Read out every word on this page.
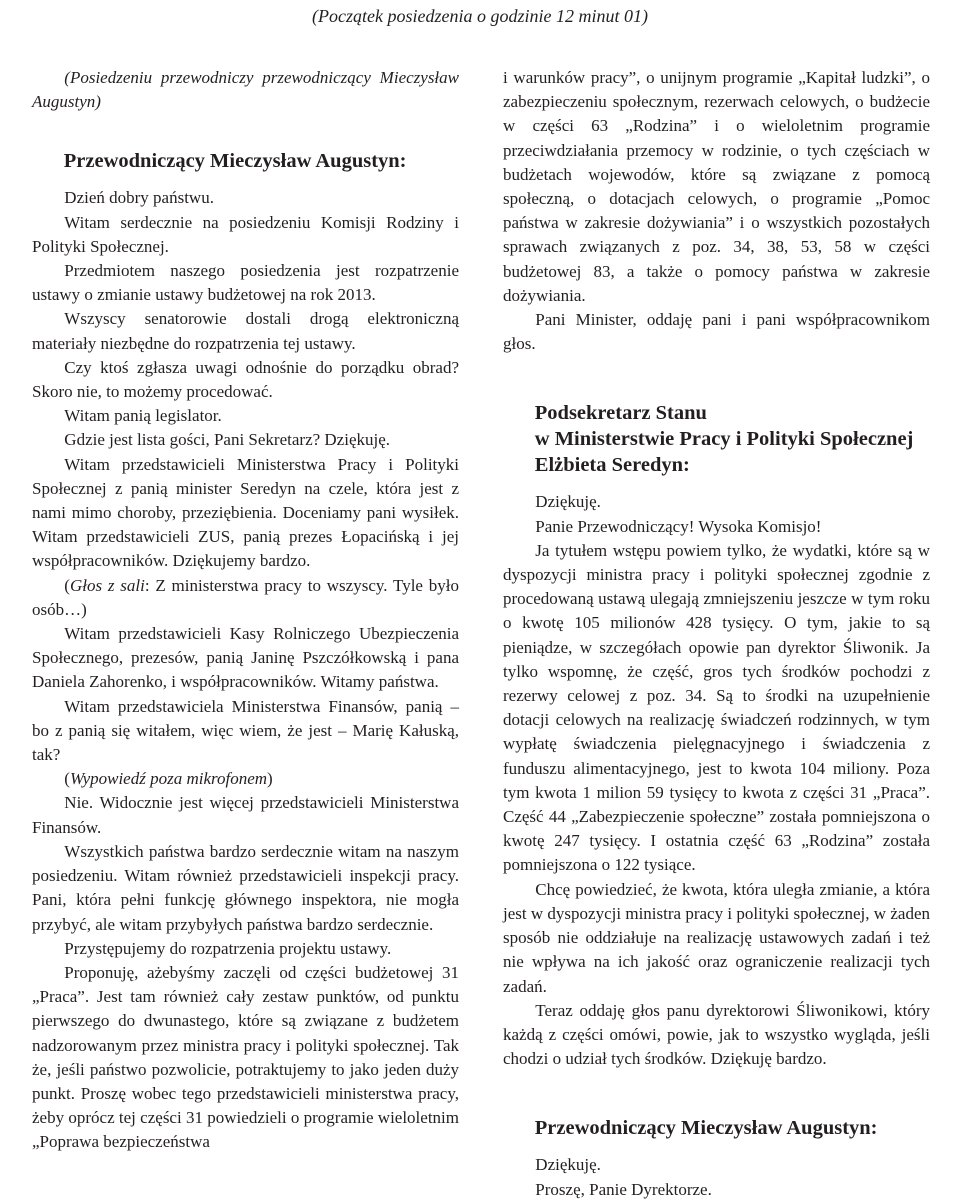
(Początek posiedzenia o godzinie 12 minut 01)

(Posiedzeniu przewodniczy przewodniczący Mieczysław Augustyn)

Przewodniczący Mieczysław Augustyn:

Dzień dobry państwu.

Witam serdecznie na posiedzeniu Komisji Rodziny i Polityki Społecznej.

Przedmiotem naszego posiedzenia jest rozpatrzenie ustawy o zmianie ustawy budżetowej na rok 2013.

Wszyscy senatorowie dostali drogą elektroniczną materiały niezbędne do rozpatrzenia tej ustawy.

Czy ktoś zgłasza uwagi odnośnie do porządku obrad? Skoro nie, to możemy procedować.

Witam panią legislator.

Gdzie jest lista gości, Pani Sekretarz? Dziękuję.

Witam przedstawicieli Ministerstwa Pracy i Polityki Społecznej z panią minister Seredyn na czele, która jest z nami mimo choroby, przeziębienia. Doceniamy pani wysiłek. Witam przedstawicieli ZUS, panią prezes Łopacińską i jej współpracowników. Dziękujemy bardzo.

(Głos z sali: Z ministerstwa pracy to wszyscy. Tyle było osób…)

Witam przedstawicieli Kasy Rolniczego Ubezpieczenia Społecznego, prezesów, panią Janinę Pszczółkowską i pana Daniela Zahorenko, i współpracowników. Witamy państwa.

Witam przedstawiciela Ministerstwa Finansów, panią – bo z panią się witałem, więc wiem, że jest – Marię Kałuską, tak?

(Wypowiedź poza mikrofonem)

Nie. Widocznie jest więcej przedstawicieli Ministerstwa Finansów.

Wszystkich państwa bardzo serdecznie witam na naszym posiedzeniu. Witam również przedstawicieli inspekcji pracy. Pani, która pełni funkcję głównego inspektora, nie mogła przybyć, ale witam przybyłych państwa bardzo serdecznie.

Przystępujemy do rozpatrzenia projektu ustawy.

Proponuję, ażebyśmy zaczęli od części budżetowej 31 „Praca”. Jest tam również cały zestaw punktów, od punktu pierwszego do dwunastego, które są związane z budżetem nadzorowanym przez ministra pracy i polityki społecznej. Tak że, jeśli państwo pozwolicie, potraktujemy to jako jeden duży punkt. Proszę wobec tego przedstawicieli ministerstwa pracy, żeby oprócz tej części 31 powiedzieli o programie wieloletnim „Poprawa bezpieczeństwa

i warunków pracy”, o unijnym programie „Kapitał ludzki”, o zabezpieczeniu społecznym, rezerwach celowych, o budżecie w części 63 „Rodzina” i o wieloletnim programie przeciwdziałania przemocy w rodzinie, o tych częściach w budżetach wojewodów, które są związane z pomocą społeczną, o dotacjach celowych, o programie „Pomoc państwa w zakresie dożywiania” i o wszystkich pozostałych sprawach związanych z poz. 34, 38, 53, 58 w części budżetowej 83, a także o pomocy państwa w zakresie dożywiania.

Pani Minister, oddaję pani i pani współpracownikom głos.

Podsekretarz Stanu

w Ministerstwie Pracy i Polityki Społecznej

Elżbieta Seredyn:

Dziękuję.

Panie Przewodniczący! Wysoka Komisjo!

Ja tytułem wstępu powiem tylko, że wydatki, które są w dyspozycji ministra pracy i polityki społecznej zgodnie z procedowaną ustawą ulegają zmniejszeniu jeszcze w tym roku o kwotę 105 milionów 428 tysięcy. O tym, jakie to są pieniądze, w szczegółach opowie pan dyrektor Śliwonik. Ja tylko wspomnę, że część, gros tych środków pochodzi z rezerwy celowej z poz. 34. Są to środki na uzupełnienie dotacji celowych na realizację świadczeń rodzinnych, w tym wypłatę świadczenia pielęgnacyjnego i świadczenia z funduszu alimentacyjnego, jest to kwota 104 miliony. Poza tym kwota 1 milion 59 tysięcy to kwota z części 31 „Praca”. Część 44 „Zabezpieczenie społeczne” została pomniejszona o kwotę 247 tysięcy. I ostatnia część 63 „Rodzina” została pomniejszona o 122 tysiące.

Chcę powiedzieć, że kwota, która uległa zmianie, a która jest w dyspozycji ministra pracy i polityki społecznej, w żaden sposób nie oddziałuje na realizację ustawowych zadań i też nie wpływa na ich jakość oraz ograniczenie realizacji tych zadań.

Teraz oddaję głos panu dyrektorowi Śliwonikowi, który każdą z części omówi, powie, jak to wszystko wygląda, jeśli chodzi o udział tych środków. Dziękuję bardzo.

Przewodniczący Mieczysław Augustyn:

Dziękuję.

Proszę, Panie Dyrektorze.
